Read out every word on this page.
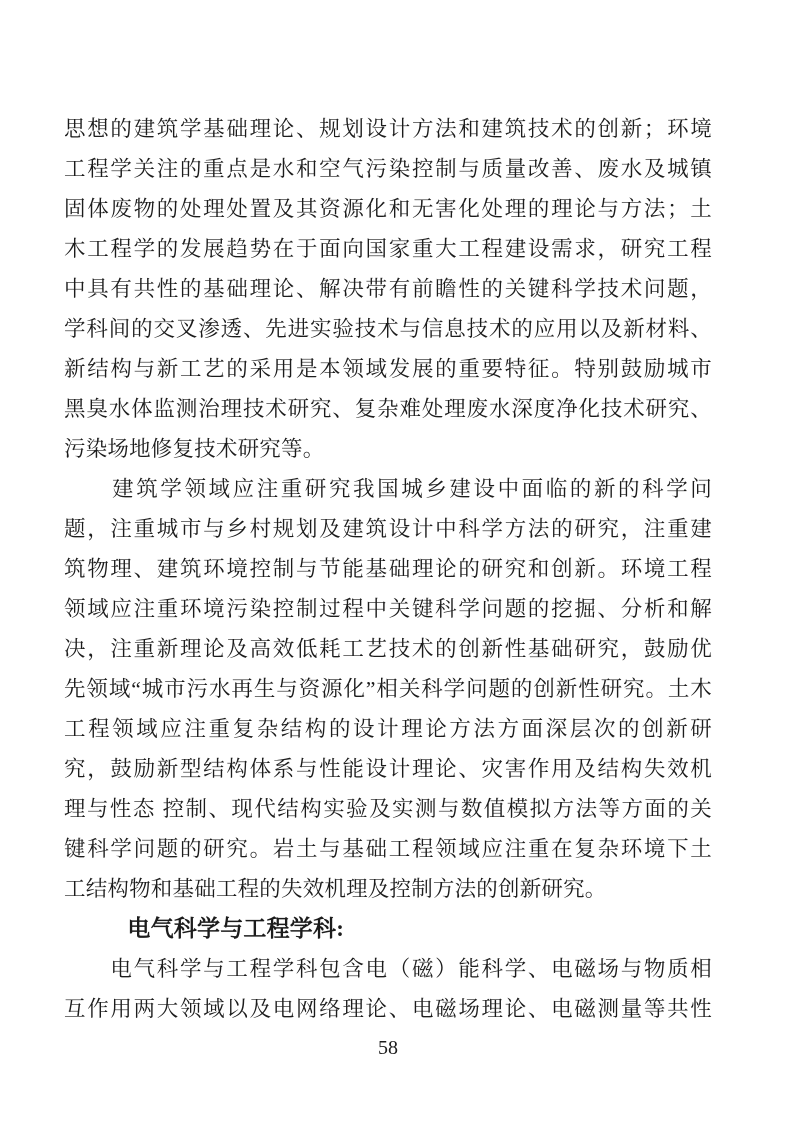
思想的建筑学基础理论、规划设计方法和建筑技术的创新；环境
工程学关注的重点是水和空气污染控制与质量改善、废水及城镇
固体废物的处理处置及其资源化和无害化处理的理论与方法；土
木工程学的发展趋势在于面向国家重大工程建设需求，研究工程
中具有共性的基础理论、解决带有前瞻性的关键科学技术问题，
学科间的交叉渗透、先进实验技术与信息技术的应用以及新材料、
新结构与新工艺的采用是本领域发展的重要特征。特别鼓励城市
黑臭水体监测治理技术研究、复杂难处理废水深度净化技术研究、
污染场地修复技术研究等。
　　建筑学领域应注重研究我国城乡建设中面临的新的科学问
题，注重城市与乡村规划及建筑设计中科学方法的研究，注重建
筑物理、建筑环境控制与节能基础理论的研究和创新。环境工程
领域应注重环境污染控制过程中关键科学问题的挖掘、分析和解
决，注重新理论及高效低耗工艺技术的创新性基础研究，鼓励优
先领域“城市污水再生与资源化”相关科学问题的创新性研究。土木
工程领域应注重复杂结构的设计理论方法方面深层次的创新研
究，鼓励新型结构体系与性能设计理论、灾害作用及结构失效机
理与性态 控制、现代结构实验及实测与数值模拟方法等方面的关
键科学问题的研究。岩土与基础工程领域应注重在复杂环境下土
工结构物和基础工程的失效机理及控制方法的创新研究。
　　电气科学与工程学科:
　　电气科学与工程学科包含电（磁）能科学、电磁场与物质相
互作用两大领域以及电网络理论、电磁场理论、电磁测量等共性
58
